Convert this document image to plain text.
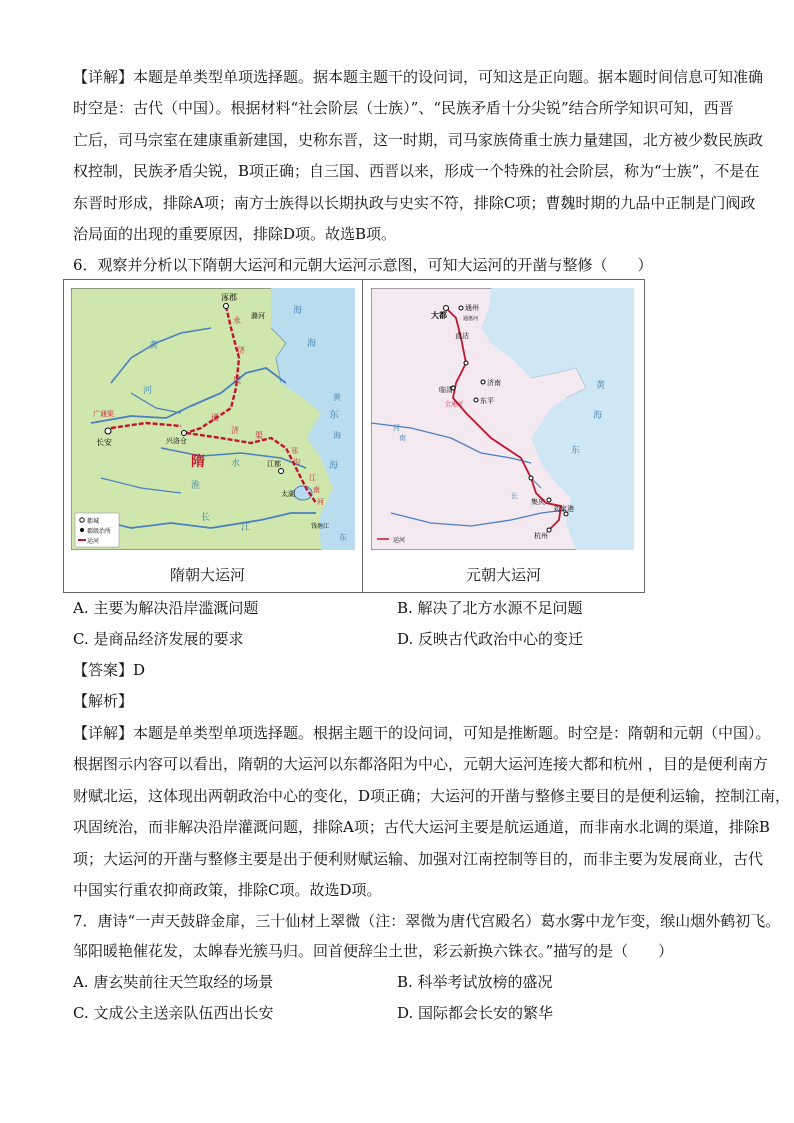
【详解】本题是单类型单项选择题。据本题主题干的设问词，可知这是正向题。据本题时间信息可知准确
时空是：古代（中国）。根据材料“社会阶层（士族）”、“民族矛盾十分尖锐”结合所学知识可知，西晋
亡后，司马宗室在建康重新建国，史称东晋，这一时期，司马家族倚重士族力量建国，北方被少数民族政
权控制，民族矛盾尖锐，B项正确；自三国、西晋以来，形成一个特殊的社会阶层，称为“士族”，不是在
东晋时形成，排除A项；南方士族得以长期执政与史实不符，排除C项；曹魏时期的九品中正制是门阀政
治局面的出现的重要原因，排除D项。故选B项。
6．观察并分析以下隋朝大运河和元朝大运河示意图，可知大运河的开凿与整修（　　）
涿郡
潞河	海
海
黄
河
永
济
渠
通
济
渠
广通渠
长安	兴洛仓
隋
淮
水
东
黄
海
海
江都
邗
沟
江
南
河
太湖
长
江	钱塘江
东
都城
郡级治所
运河
隋朝大运河
大都
通州
通惠河
直沽
临清
济南
东平
会通河
河
南
黄
海
东
长
集庆
刘家港
杭州
运河
元朝大运河
A. 主要为解决沿岸滥溉问题	B. 解决了北方水源不足问题
C. 是商品经济发展的要求	D. 反映古代政治中心的变迁
【答案】D
【解析】
【详解】本题是单类型单项选择题。根据主题干的设问词，可知是推断题。时空是：隋朝和元朝（中国）。
根据图示内容可以看出，隋朝的大运河以东都洛阳为中心，元朝大运河连接大都和杭州 ，目的是便利南方
财赋北运，这体现出两朝政治中心的变化，D项正确；大运河的开凿与整修主要目的是便利运输，控制江南，
巩固统治，而非解决沿岸灌溉问题，排除A项；古代大运河主要是航运通道，而非南水北调的渠道，排除B
项；大运河的开凿与整修主要是出于便利财赋运输、加强对江南控制等目的，而非主要为发展商业，古代
中国实行重农抑商政策，排除C项。故选D项。
7．唐诗“一声天鼓辟金扉，三十仙材上翠微（注：翠微为唐代宫殿名）葛水雾中龙乍变，缑山烟外鹤初飞。
邹阳暖艳催花发，太皞春光簇马归。回首便辞尘土世，彩云新换六铢衣。”描写的是（　　）
A. 唐玄奘前往天竺取经的场景	B. 科举考试放榜的盛况
C. 文成公主送亲队伍西出长安	D. 国际都会长安的繁华
